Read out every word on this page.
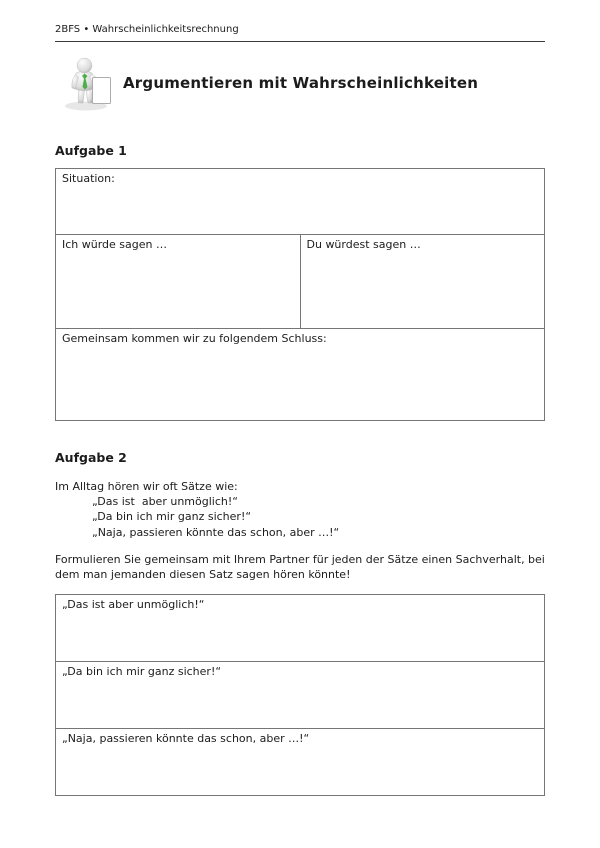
2BFS • Wahrscheinlichkeitsrechnung
Argumentieren mit Wahrscheinlichkeiten
Aufgabe 1
Situation:
Ich würde sagen …	Du würdest sagen …
Gemeinsam kommen wir zu folgendem Schluss:
Aufgabe 2

Im Alltag hören wir oft Sätze wie:

„Das ist  aber unmöglich!“
„Da bin ich mir ganz sicher!“
„Naja, passieren könnte das schon, aber …!“

Formulieren Sie gemeinsam mit Ihrem Partner für jeden der Sätze einen Sachverhalt, bei dem man jemanden diesen Satz sagen hören könnte!

„Das ist aber unmöglich!“
„Da bin ich mir ganz sicher!“
„Naja, passieren könnte das schon, aber …!“
